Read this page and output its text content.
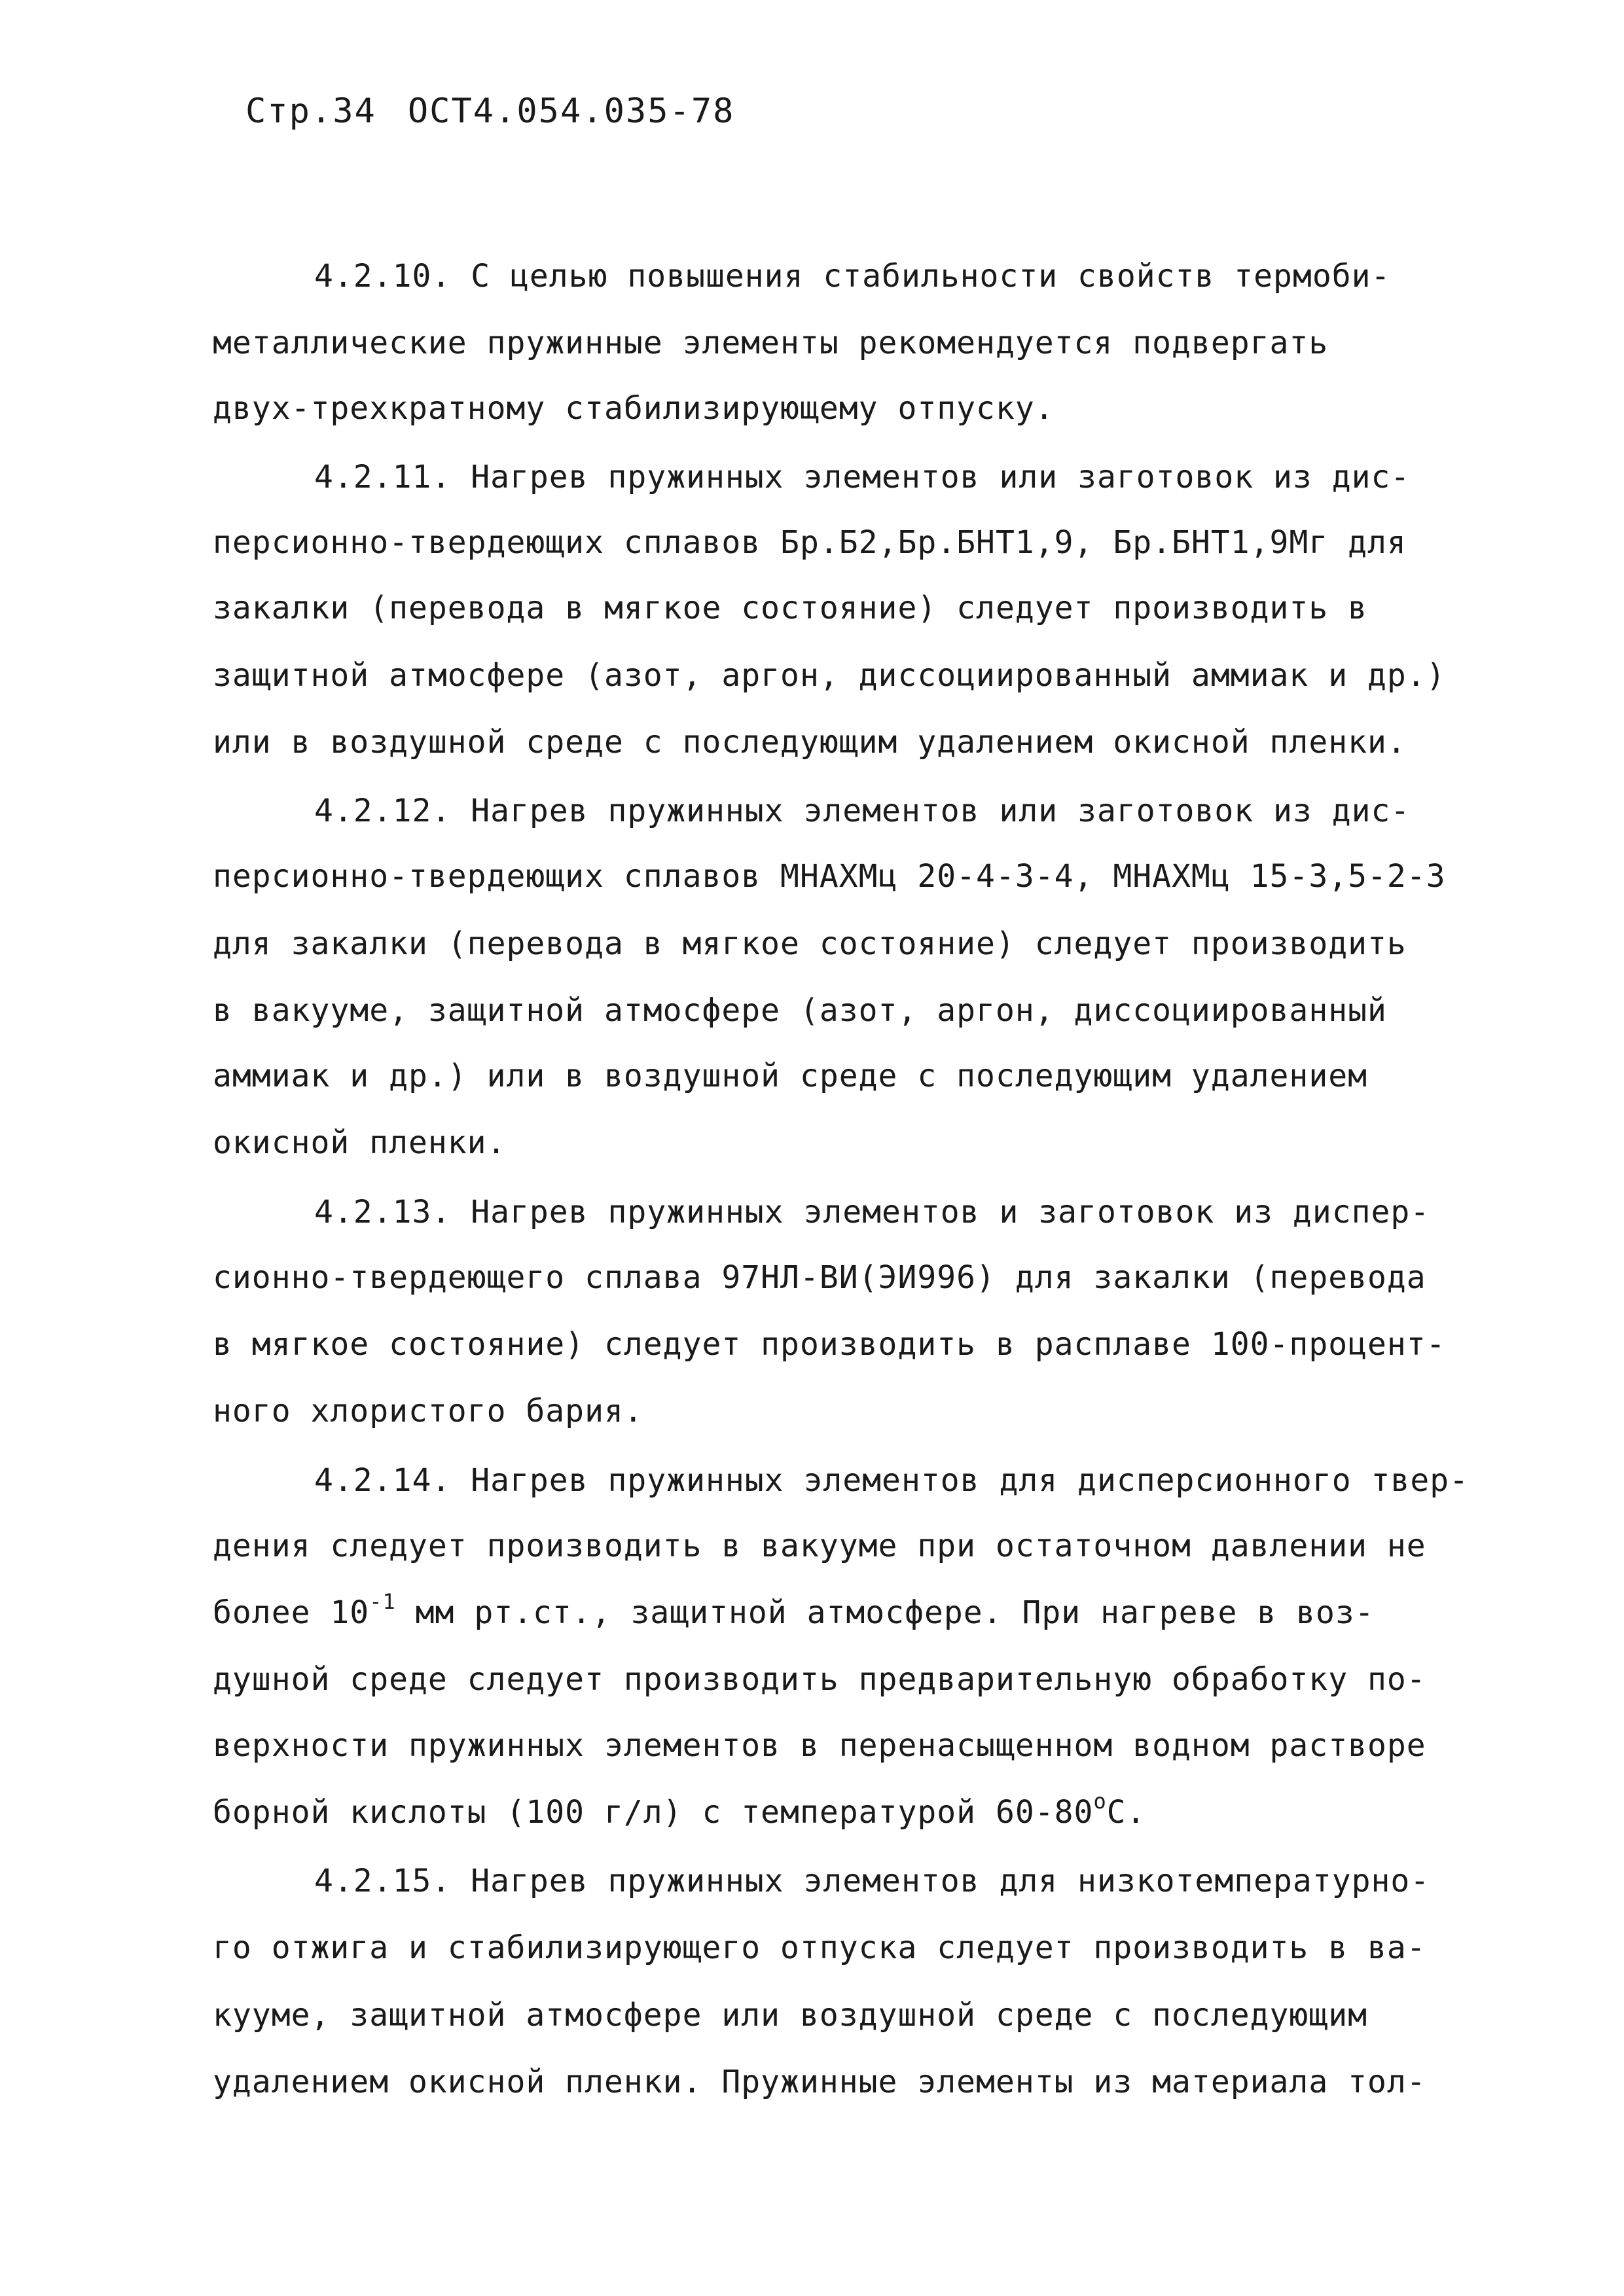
Стр.34 ОСТ4.054.035-78
4.2.10. С целью повышения стабильности свойств термоби-
металлические пружинные элементы рекомендуется подвергать
двух-трехкратному стабилизирующему отпуску.
4.2.11. Нагрев пружинных элементов или заготовок из дис-
персионно-твердеющих сплавов Бр.Б2,Бр.БНТ1,9, Бр.БНТ1,9Мг для
закалки (перевода в мягкое состояние) следует производить в
защитной атмосфере (азот, аргон, диссоциированный аммиак и др.)
или в воздушной среде с последующим удалением окисной пленки.
4.2.12. Нагрев пружинных элементов или заготовок из дис-
персионно-твердеющих сплавов МНАХМц 20-4-3-4, МНАХМц 15-3,5-2-3
для закалки (перевода в мягкое состояние) следует производить
в вакууме, защитной атмосфере (азот, аргон, диссоциированный
аммиак и др.) или в воздушной среде с последующим удалением
окисной пленки.
4.2.13. Нагрев пружинных элементов и заготовок из диспер-
сионно-твердеющего сплава 97НЛ-ВИ(ЭИ996) для закалки (перевода
в мягкое состояние) следует производить в расплаве 100-процент-
ного хлористого бария.
4.2.14. Нагрев пружинных элементов для дисперсионного твер-
дения следует производить в вакууме при остаточном давлении не
более $10^{-1}$ мм рт.ст., защитной атмосфере. При нагреве в воз-
душной среде следует производить предварительную обработку по-
верхности пружинных элементов в перенасыщенном водном растворе
борной кислоты (100 г/л) с температурой $60-80^оС$.
4.2.15. Нагрев пружинных элементов для низкотемпературно-
го отжига и стабилизирующего отпуска следует производить в ва-
кууме, защитной атмосфере или воздушной среде с последующим
удалением окисной пленки. Пружинные элементы из материала тол-
